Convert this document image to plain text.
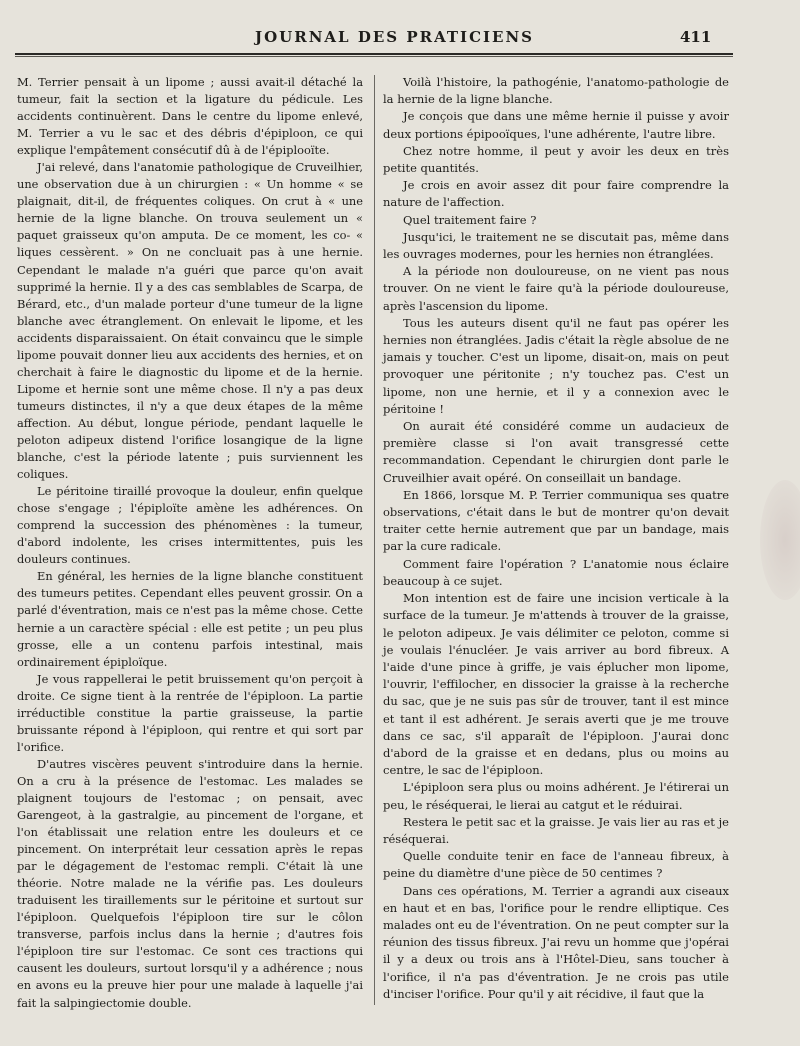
JOURNAL DES PRATICIENS	411

M. Terrier pensait à un lipome ; aussi avait-il détaché la tumeur, fait la section et la ligature du pédicule. Les accidents continuèrent. Dans le centre du lipome enlevé, M. Terrier a vu le sac et des débris d'épiploon, ce qui explique l'empâtement consécutif dû à de l'épiplooïte.

J'ai relevé, dans l'anatomie pathologique de Cruveilhier, une observation due à un chirurgien : « Un homme « se plaignait, dit-il, de fréquentes coliques. On crut à « une hernie de la ligne blanche. On trouva seulement un « paquet graisseux qu'on amputa. De ce moment, les co- « liques cessèrent. » On ne concluait pas à une hernie. Cependant le malade n'a guéri que parce qu'on avait supprimé la hernie. Il y a des cas semblables de Scarpa, de Bérard, etc., d'un malade porteur d'une tumeur de la ligne blanche avec étranglement. On enlevait le lipome, et les accidents disparaissaient. On était convaincu que le simple lipome pouvait donner lieu aux accidents des hernies, et on cherchait à faire le diagnostic du lipome et de la hernie. Lipome et hernie sont une même chose. Il n'y a pas deux tumeurs distinctes, il n'y a que deux étapes de la même affection. Au début, longue période, pendant laquelle le peloton adipeux distend l'orifice losangique de la ligne blanche, c'est la période latente ; puis surviennent les coliques.

Le péritoine tiraillé provoque la douleur, enfin quelque chose s'engage ; l'épiploïte amène les adhérences. On comprend la succession des phénomènes : la tumeur, d'abord indolente, les crises intermittentes, puis les douleurs continues.

En général, les hernies de la ligne blanche constituent des tumeurs petites. Cependant elles peuvent grossir. On a parlé d'éventration, mais ce n'est pas la même chose. Cette hernie a un caractère spécial : elle est petite ; un peu plus grosse, elle a un contenu parfois intestinal, mais ordinairement épiploïque.

Je vous rappellerai le petit bruissement qu'on perçoit à droite. Ce signe tient à la rentrée de l'épiploon. La partie irréductible constitue la partie graisseuse, la partie bruissante répond à l'épiploon, qui rentre et qui sort par l'orifice.

D'autres viscères peuvent s'introduire dans la hernie. On a cru à la présence de l'estomac. Les malades se plaignent toujours de l'estomac ; on pensait, avec Garengeot, à la gastralgie, au pincement de l'organe, et l'on établissait une relation entre les douleurs et ce pincement. On interprétait leur cessation après le repas par le dégagement de l'estomac rempli. C'était là une théorie. Notre malade ne la vérifie pas. Les douleurs traduisent les tiraillements sur le péritoine et surtout sur l'épiploon. Quelquefois l'épiploon tire sur le côlon transverse, parfois inclus dans la hernie ; d'autres fois l'épiploon tire sur l'estomac. Ce sont ces tractions qui causent les douleurs, surtout lorsqu'il y a adhérence ; nous en avons eu la preuve hier pour une malade à laquelle j'ai fait la salpingiectomie double.

Voilà l'histoire, la pathogénie, l'anatomo-pathologie de la hernie de la ligne blanche.

Je conçois que dans une même hernie il puisse y avoir deux portions épipooïques, l'une adhérente, l'autre libre.

Chez notre homme, il peut y avoir les deux en très petite quantités.

Je crois en avoir assez dit pour faire comprendre la nature de l'affection.

Quel traitement faire ?

Jusqu'ici, le traitement ne se discutait pas, même dans les ouvrages modernes, pour les hernies non étranglées.

A la période non douloureuse, on ne vient pas nous trouver. On ne vient le faire qu'à la période douloureuse, après l'ascension du lipome.

Tous les auteurs disent qu'il ne faut pas opérer les hernies non étranglées. Jadis c'était la règle absolue de ne jamais y toucher. C'est un lipome, disait-on, mais on peut provoquer une péritonite ; n'y touchez pas. C'est un lipome, non une hernie, et il y a connexion avec le péritoine !

On aurait été considéré comme un audacieux de première classe si l'on avait transgressé cette recommandation. Cependant le chirurgien dont parle le Cruveilhier avait opéré. On conseillait un bandage.

En 1866, lorsque M. P. Terrier communiqua ses quatre observations, c'était dans le but de montrer qu'on devait traiter cette hernie autrement que par un bandage, mais par la cure radicale.

Comment faire l'opération ? L'anatomie nous éclaire beaucoup à ce sujet.

Mon intention est de faire une incision verticale à la surface de la tumeur. Je m'attends à trouver de la graisse, le peloton adipeux. Je vais délimiter ce peloton, comme si je voulais l'énucléer. Je vais arriver au bord fibreux. A l'aide d'une pince à griffe, je vais éplucher mon lipome, l'ouvrir, l'effilocher, en dissocier la graisse à la recherche du sac, que je ne suis pas sûr de trouver, tant il est mince et tant il est adhérent. Je serais averti que je me trouve dans ce sac, s'il apparaît de l'épiploon. J'aurai donc d'abord de la graisse et en dedans, plus ou moins au centre, le sac de l'épiploon.

L'épiploon sera plus ou moins adhérent. Je l'étirerai un peu, le réséquerai, le lierai au catgut et le réduirai.

Restera le petit sac et la graisse. Je vais lier au ras et je réséquerai.

Quelle conduite tenir en face de l'anneau fibreux, à peine du diamètre d'une pièce de 50 centimes ?

Dans ces opérations, M. Terrier a agrandi aux ciseaux en haut et en bas, l'orifice pour le rendre elliptique. Ces malades ont eu de l'éventration. On ne peut compter sur la réunion des tissus fibreux. J'ai revu un homme que j'opérai il y a deux ou trois ans à l'Hôtel-Dieu, sans toucher à l'orifice, il n'a pas d'éventration. Je ne crois pas utile d'inciser l'orifice. Pour qu'il y ait récidive, il faut que la
